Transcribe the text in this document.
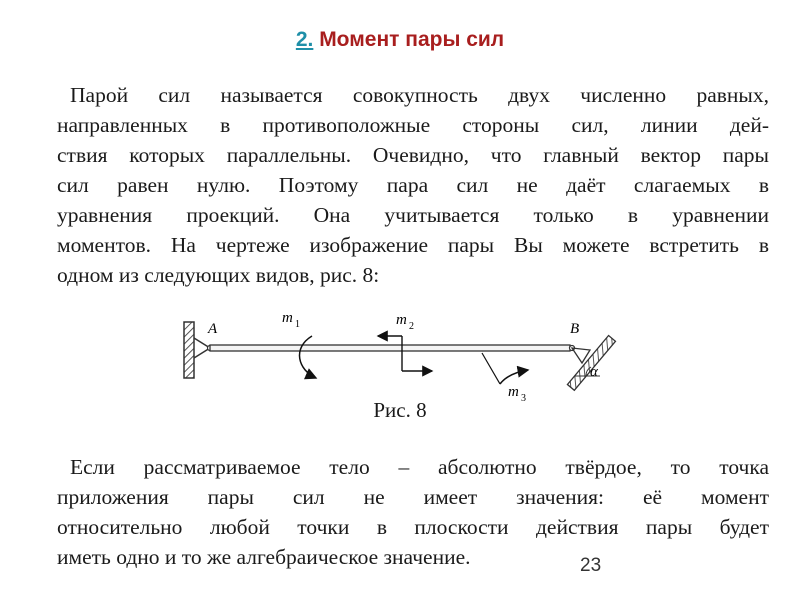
2. Момент пары сил
Парой сил называется совокупность двух численно равных,
направленных в противоположные стороны сил, линии дей-
ствия которых параллельны. Очевидно, что главный вектор пары
сил равен нулю. Поэтому пара сил не даёт слагаемых в
уравнения проекций. Она учитывается только в уравнении
моментов. На чертеже изображение пары Вы можете встретить в
одном из следующих видов, рис. 8:
A	B
m 1	m 2
m 3
α
Рис. 8
Если рассматриваемое тело – абсолютно твёрдое, то точка
приложения пары сил не имеет значения: её момент
относительно любой точки в плоскости действия пары будет
иметь одно и то же алгебраическое значение.	23
